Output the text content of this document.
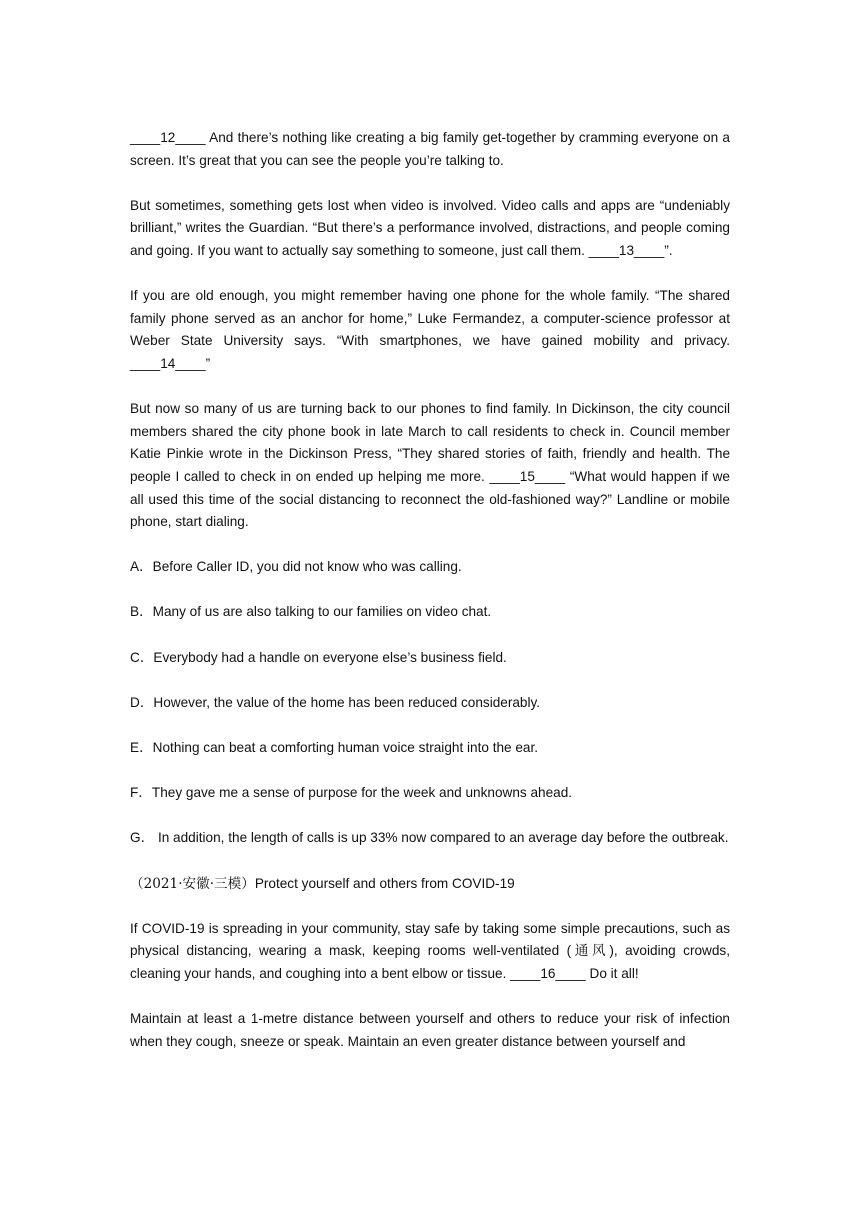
____12____ And there’s nothing like creating a big family get-together by cramming everyone on a screen. It’s great that you can see the people you’re talking to.

But sometimes, something gets lost when video is involved. Video calls and apps are “undeniably brilliant,” writes the Guardian. “But there’s a performance involved, distractions, and people coming and going. If you want to actually say something to someone, just call them. ____13____”.

If you are old enough, you might remember having one phone for the whole family. “The shared family phone served as an anchor for home,” Luke Fermandez, a computer-science professor at Weber State University says. “With smartphones, we have gained mobility and privacy. ____14____”

But now so many of us are turning back to our phones to find family. In Dickinson, the city council members shared the city phone book in late March to call residents to check in. Council member Katie Pinkie wrote in the Dickinson Press, “They shared stories of faith, friendly and health. The people I called to check in on ended up helping me more. ____15____ “What would happen if we all used this time of the social distancing to reconnect the old-fashioned way?” Landline or mobile phone, start dialing.

A．Before Caller ID, you did not know who was calling.

B．Many of us are also talking to our families on video chat.

C．Everybody had a handle on everyone else’s business field.

D．However, the value of the home has been reduced considerably.

E．Nothing can beat a comforting human voice straight into the ear.

F．They gave me a sense of purpose for the week and unknowns ahead.

G． In addition, the length of calls is up 33% now compared to an average day before the outbreak.

（2021·安徽·三模）Protect yourself and others from COVID-19

If COVID-19 is spreading in your community, stay safe by taking some simple precautions, such as physical distancing, wearing a mask, keeping rooms well-ventilated (通风), avoiding crowds, cleaning your hands, and coughing into a bent elbow or tissue. ____16____ Do it all!

Maintain at least a 1-metre distance between yourself and others to reduce your risk of infection when they cough, sneeze or speak. Maintain an even greater distance between yourself and
